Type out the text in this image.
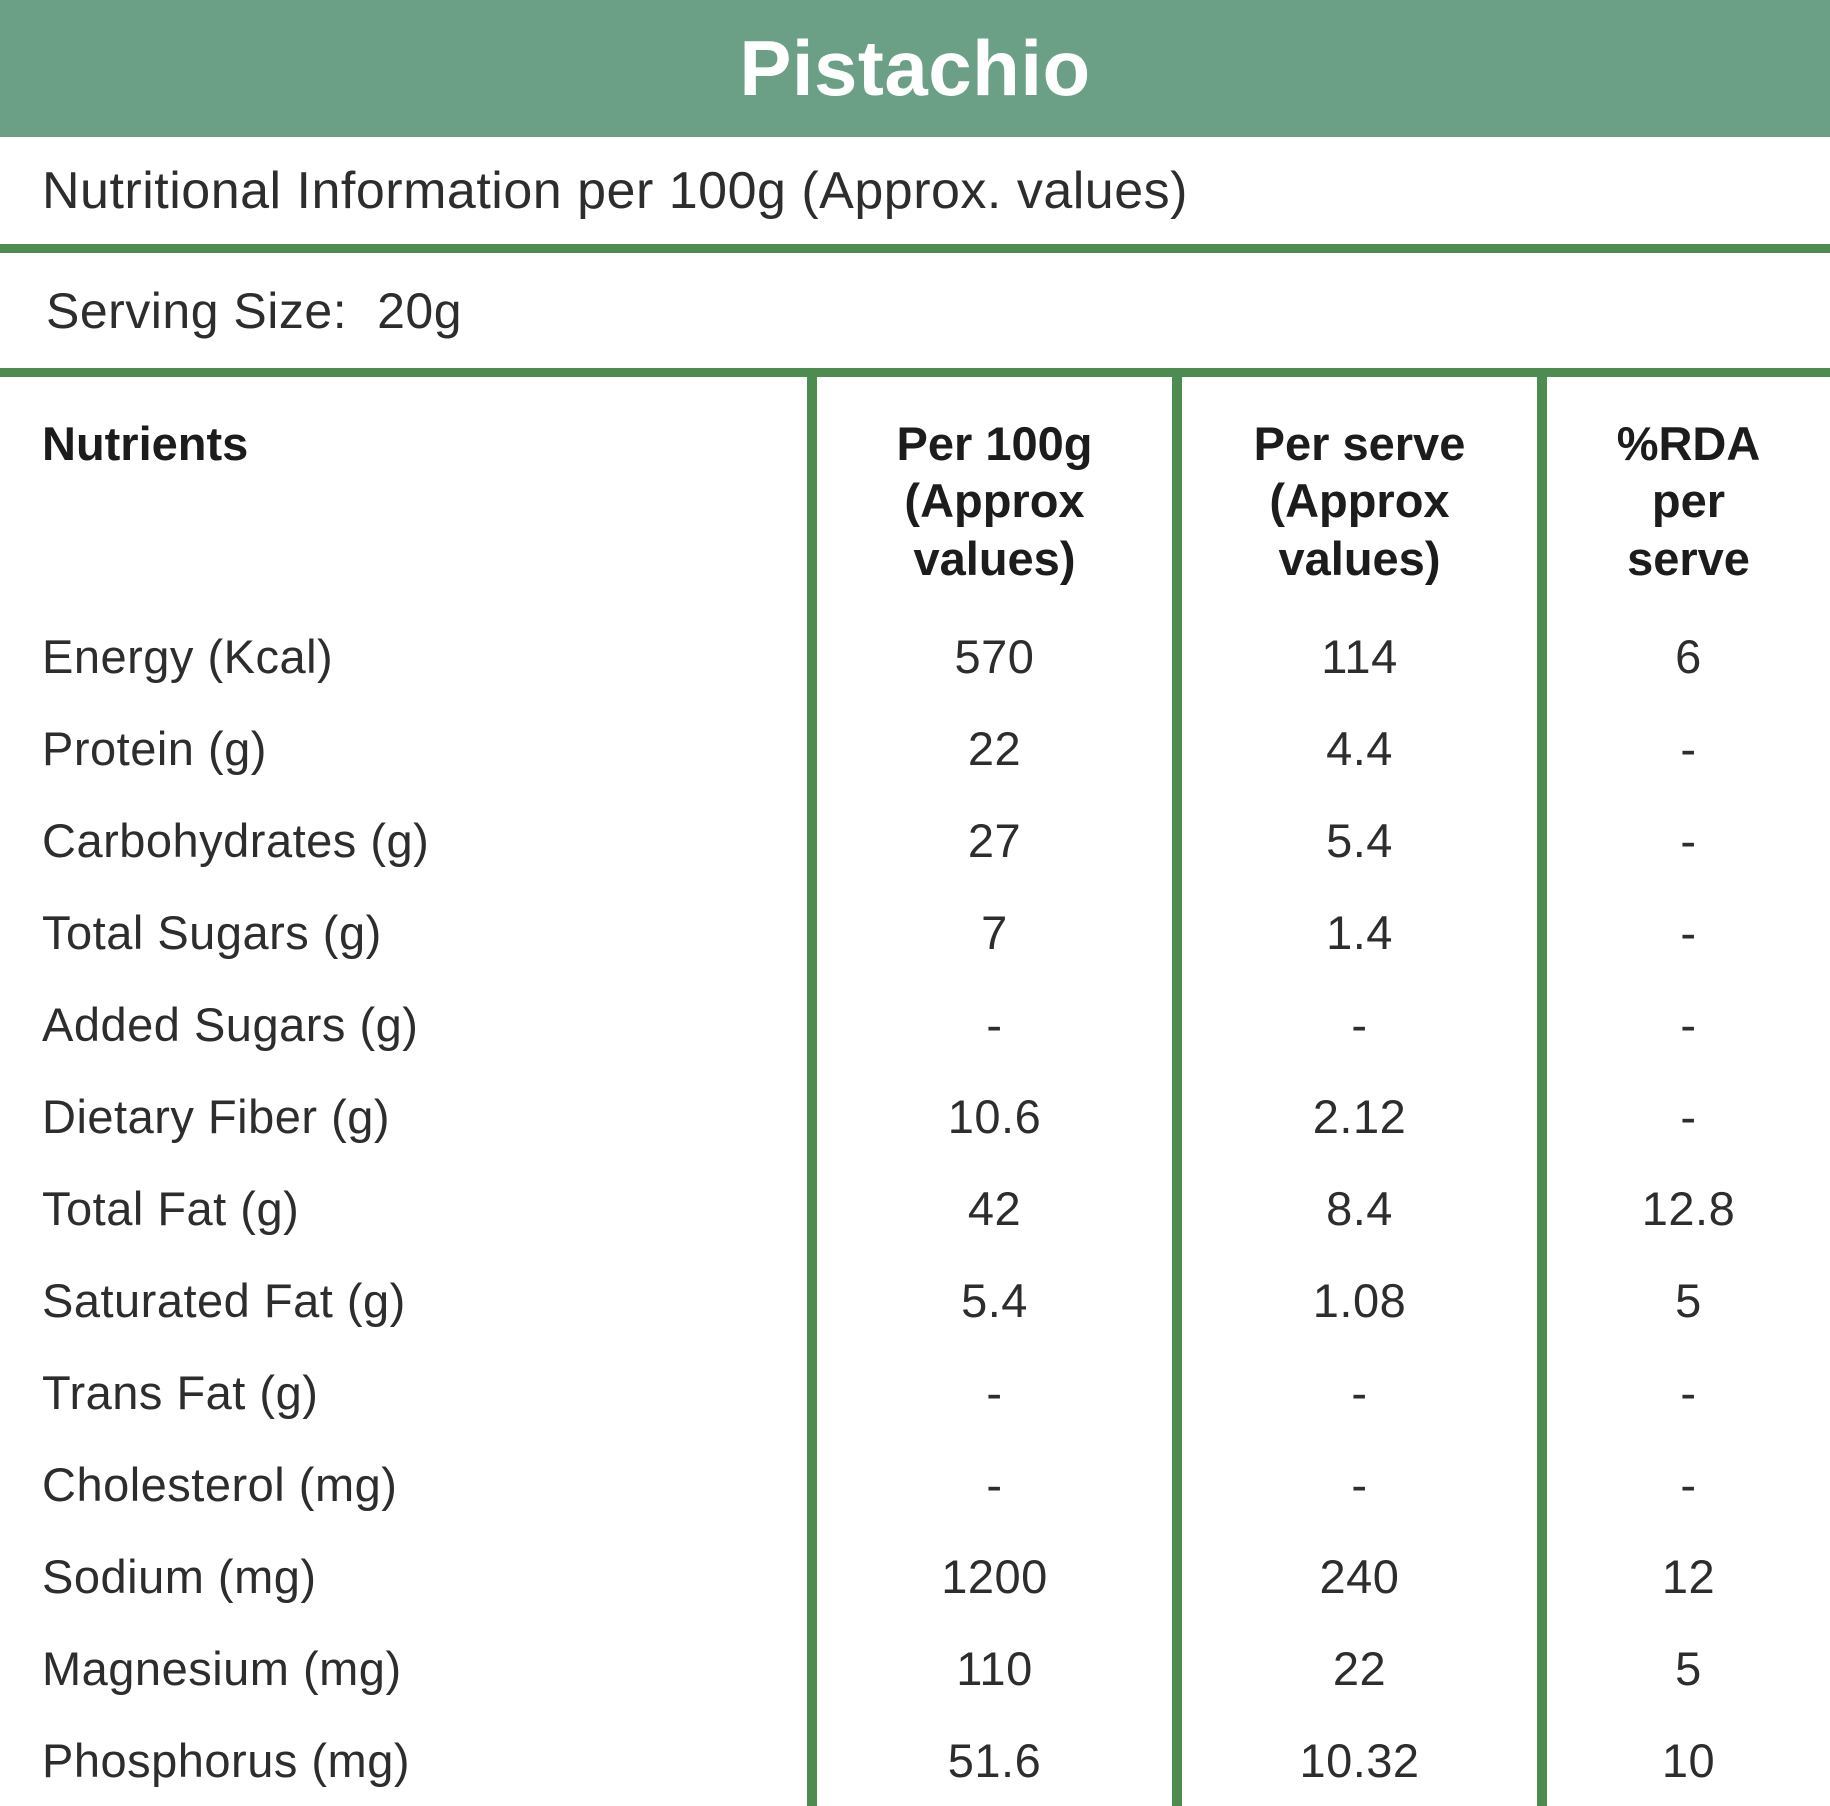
Pistachio
Nutritional Information per 100g (Approx. values)
Serving Size: 20g
Nutrients
Energy (Kcal)
Protein (g)
Carbohydrates (g)
Total Sugars (g)
Added Sugars (g)
Dietary Fiber (g)
Total Fat (g)
Saturated Fat (g)
Trans Fat (g)
Cholesterol (mg)
Sodium (mg)
Magnesium (mg)
Phosphorus (mg)
Per 100g
(Approx
values)
570
22
27
7
-
10.6
42
5.4
-
-
1200
110
51.6
Per serve
(Approx
values)
114
4.4
5.4
1.4
-
2.12
8.4
1.08
-
-
240
22
10.32
%RDA
per
serve
6
-
-
-
-
-
12.8
5
-
-
12
5
10
